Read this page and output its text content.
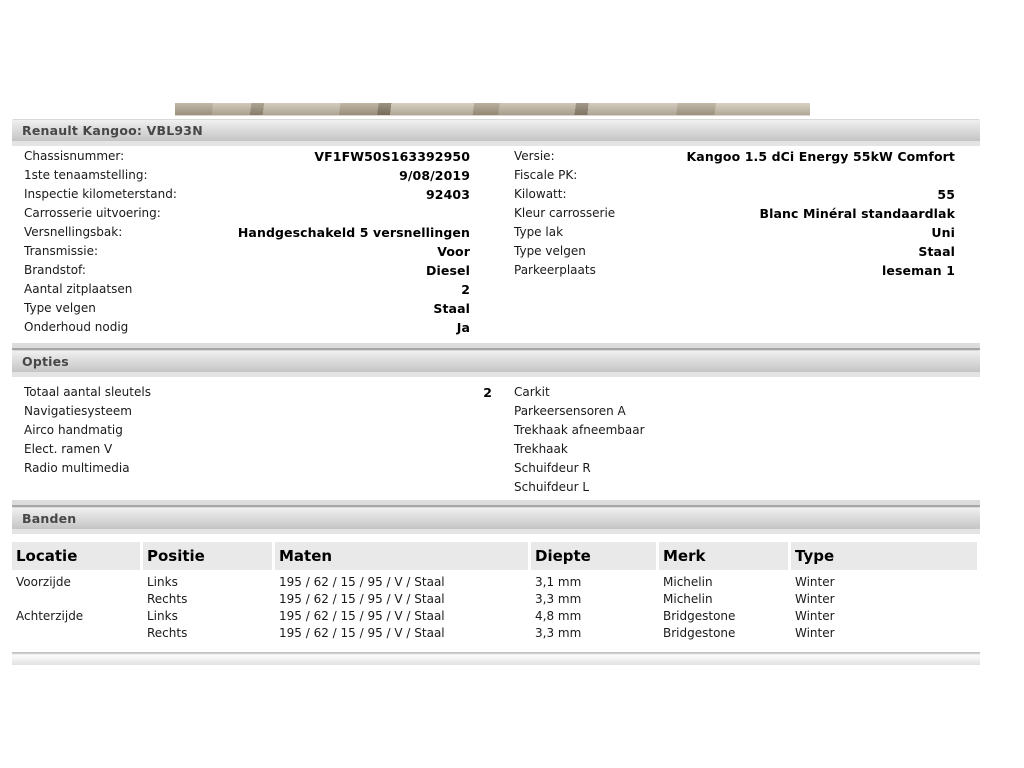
Renault Kangoo: VBL93N
Chassisnummer:	VF1FW50S163392950
1ste tenaamstelling:	9/08/2019
Inspectie kilometerstand:	92403
Carrosserie uitvoering:
Versnellingsbak:	Handgeschakeld 5 versnellingen
Transmissie:	Voor
Brandstof:	Diesel
Aantal zitplaatsen	2
Type velgen	Staal
Onderhoud nodig	Ja
Versie:	Kangoo 1.5 dCi Energy 55kW Comfort
Fiscale PK:
Kilowatt:	55
Kleur carrosserie	Blanc Minéral standaardlak
Type lak	Uni
Type velgen	Staal
Parkeerplaats	leseman 1
Opties
Totaal aantal sleutels	2
Navigatiesysteem
Airco handmatig
Elect. ramen V
Radio multimedia
Carkit
Parkeersensoren A
Trekhaak afneembaar
Trekhaak
Schuifdeur R
Schuifdeur L
Banden
Locatie	Positie	Maten	Diepte	Merk	Type
Voorzijde	Links	195 / 62 / 15 / 95 / V / Staal	3,1 mm	Michelin	Winter
	Rechts	195 / 62 / 15 / 95 / V / Staal	3,3 mm	Michelin	Winter
Achterzijde	Links	195 / 62 / 15 / 95 / V / Staal	4,8 mm	Bridgestone	Winter
	Rechts	195 / 62 / 15 / 95 / V / Staal	3,3 mm	Bridgestone	Winter
